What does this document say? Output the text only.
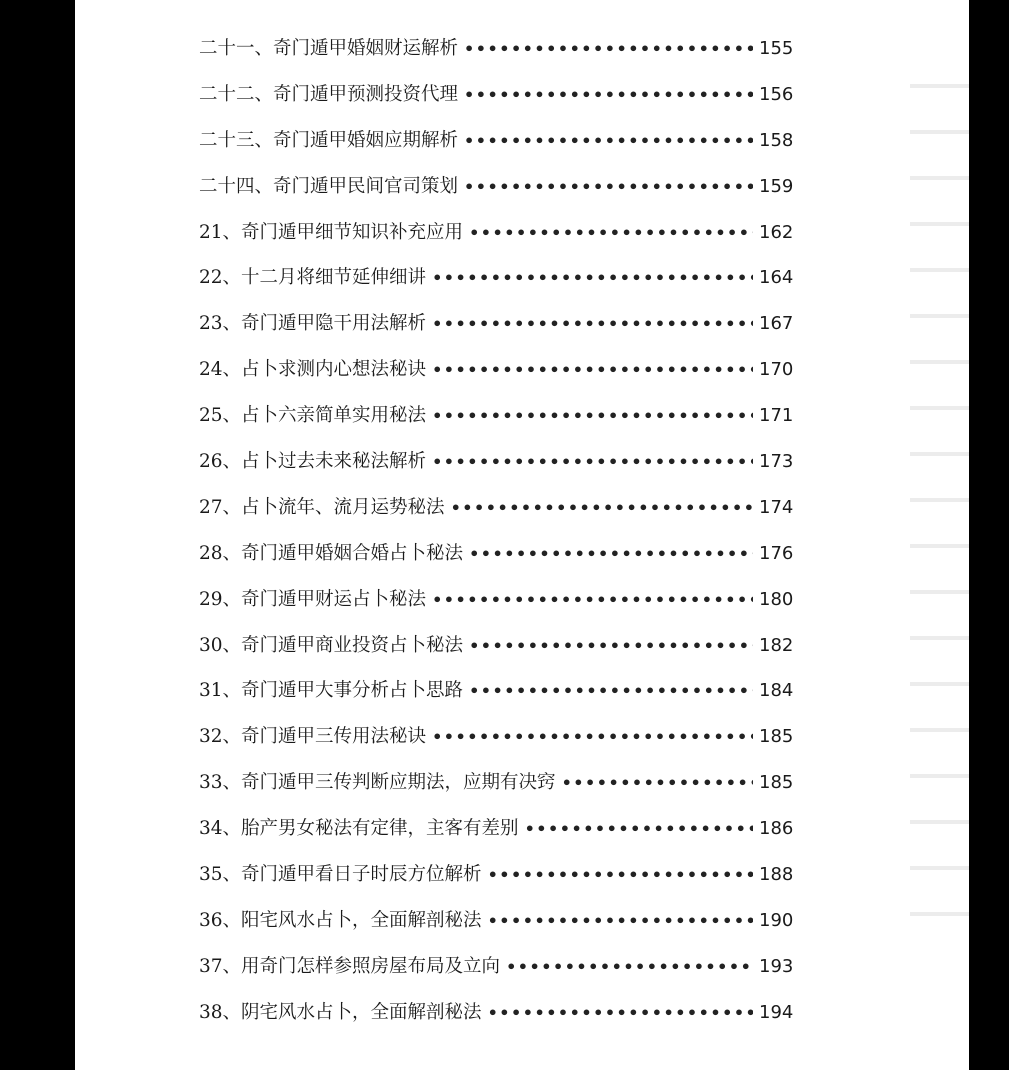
二十一、 奇门遁甲婚姻财运解析 •••••	155
二十二、 奇门遁甲预测投资代理 •••••	156
二十三、 奇门遁甲婚姻应期解析 •••••	158
二十四、 奇门遁甲民间官司策划 •••••	159
21、 奇门遁甲细节知识补充应用 •••••	162
22、 十二月将细节延伸细讲 •••••	164
23、 奇门遁甲隐干用法解析 •••••	167
24、 占卜求测内心想法秘诀 •••••	170
25、 占卜六亲简单实用秘法 •••••	171
26、 占卜过去未来秘法解析 •••••	173
27、 占卜流年、流月运势秘法 •••••	174
28、 奇门遁甲婚姻合婚占卜秘法 •••••	176
29、 奇门遁甲财运占卜秘法 •••••	180
30、 奇门遁甲商业投资占卜秘法 •••••	182
31、 奇门遁甲大事分析占卜思路 •••••	184
32、 奇门遁甲三传用法秘诀 •••••	185
33、 奇门遁甲三传判断应期法，应期有决窍 •••••	185
34、 胎产男女秘法有定律，主客有差别 •••••	186
35、 奇门遁甲看日子时辰方位解析 •••••	188
36、 阳宅风水占卜，全面解剖秘法 •••••	190
37、 用奇门怎样参照房屋布局及立向 •••••	193
38、 阴宅风水占卜，全面解剖秘法 •••••	194
